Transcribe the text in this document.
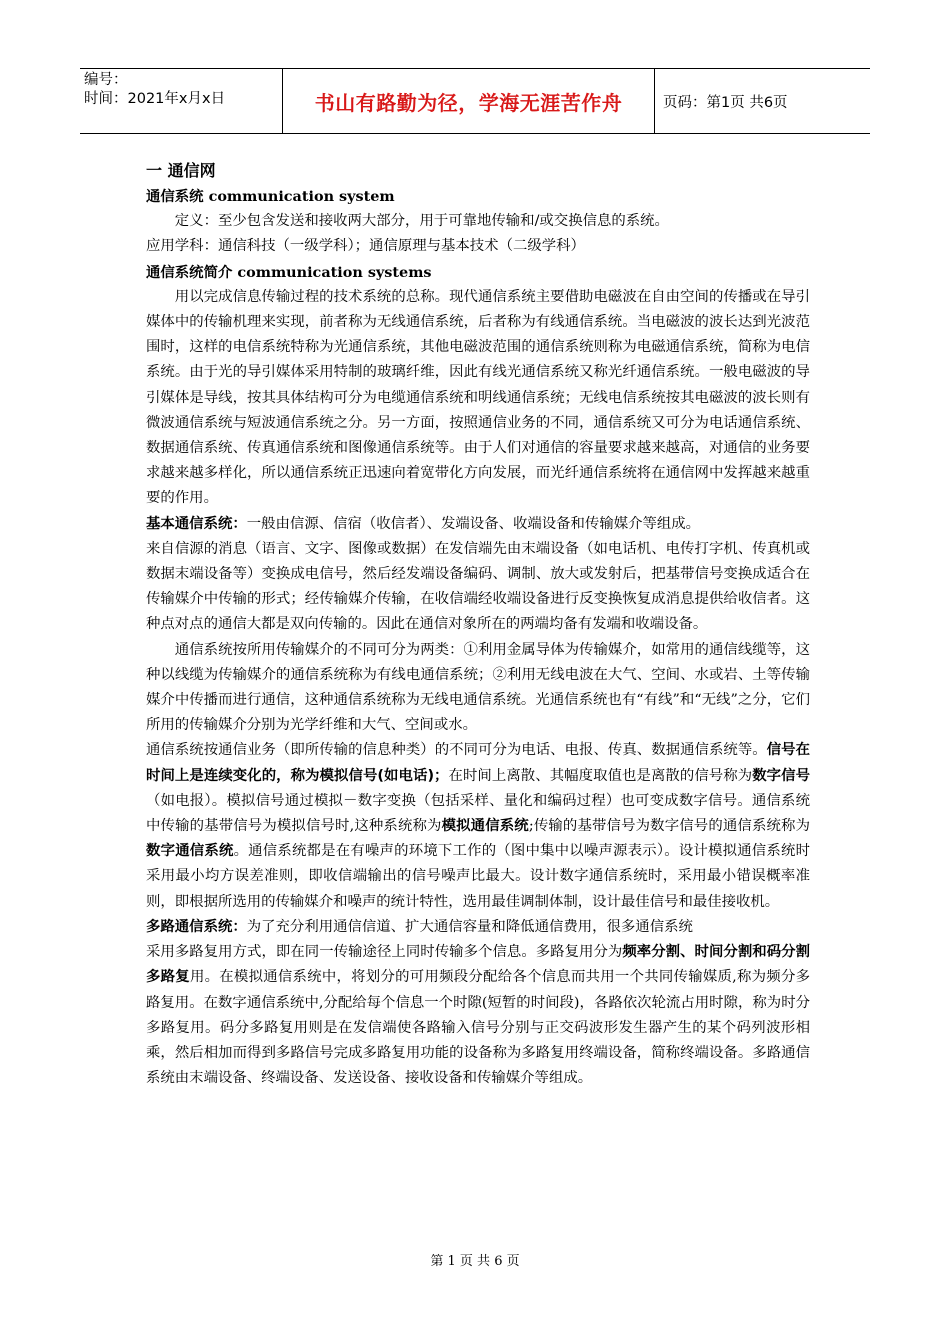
编号：
时间：2021年x月x日	书山有路勤为径，学海无涯苦作舟	页码：第1页 共6页

一 通信网

通信系统 communication system

定义：至少包含发送和接收两大部分，用于可靠地传输和/或交换信息的系统。

应用学科：通信科技（一级学科）；通信原理与基本技术（二级学科）

通信系统简介 communication systems

用以完成信息传输过程的技术系统的总称。现代通信系统主要借助电磁波在自由空间的传播或在导引媒体中的传输机理来实现，前者称为无线通信系统，后者称为有线通信系统。当电磁波的波长达到光波范围时，这样的电信系统特称为光通信系统，其他电磁波范围的通信系统则称为电磁通信系统，简称为电信系统。由于光的导引媒体采用特制的玻璃纤维，因此有线光通信系统又称光纤通信系统。一般电磁波的导引媒体是导线，按其具体结构可分为电缆通信系统和明线通信系统；无线电信系统按其电磁波的波长则有微波通信系统与短波通信系统之分。另一方面，按照通信业务的不同，通信系统又可分为电话通信系统、数据通信系统、传真通信系统和图像通信系统等。由于人们对通信的容量要求越来越高，对通信的业务要求越来越多样化，所以通信系统正迅速向着宽带化方向发展，而光纤通信系统将在通信网中发挥越来越重要的作用。

基本通信系统：一般由信源、信宿（收信者）、发端设备、收端设备和传输媒介等组成。

来自信源的消息（语言、文字、图像或数据）在发信端先由末端设备（如电话机、电传打字机、传真机或数据末端设备等）变换成电信号，然后经发端设备编码、调制、放大或发射后，把基带信号变换成适合在传输媒介中传输的形式；经传输媒介传输，在收信端经收端设备进行反变换恢复成消息提供给收信者。这种点对点的通信大都是双向传输的。因此在通信对象所在的两端均备有发端和收端设备。

通信系统按所用传输媒介的不同可分为两类：①利用金属导体为传输媒介，如常用的通信线缆等，这种以线缆为传输媒介的通信系统称为有线电通信系统；②利用无线电波在大气、空间、水或岩、土等传输媒介中传播而进行通信，这种通信系统称为无线电通信系统。光通信系统也有“有线”和“无线”之分，它们所用的传输媒介分别为光学纤维和大气、空间或水。

通信系统按通信业务（即所传输的信息种类）的不同可分为电话、电报、传真、数据通信系统等。信号在时间上是连续变化的，称为模拟信号(如电话)；在时间上离散、其幅度取值也是离散的信号称为数字信号（如电报）。模拟信号通过模拟－数字变换（包括采样、量化和编码过程）也可变成数字信号。通信系统中传输的基带信号为模拟信号时,这种系统称为模拟通信系统;传输的基带信号为数字信号的通信系统称为数字通信系统。通信系统都是在有噪声的环境下工作的（图中集中以噪声源表示）。设计模拟通信系统时采用最小均方误差准则，即收信端输出的信号噪声比最大。设计数字通信系统时，采用最小错误概率准则，即根据所选用的传输媒介和噪声的统计特性，选用最佳调制体制，设计最佳信号和最佳接收机。

多路通信系统：为了充分利用通信信道、扩大通信容量和降低通信费用，很多通信系统

采用多路复用方式，即在同一传输途径上同时传输多个信息。多路复用分为频率分割、时间分割和码分割多路复用。在模拟通信系统中，将划分的可用频段分配给各个信息而共用一个共同传输媒质,称为频分多路复用。在数字通信系统中,分配给每个信息一个时隙(短暂的时间段)，各路依次轮流占用时隙，称为时分多路复用。码分多路复用则是在发信端使各路输入信号分别与正交码波形发生器产生的某个码列波形相乘，然后相加而得到多路信号完成多路复用功能的设备称为多路复用终端设备，简称终端设备。多路通信系统由末端设备、终端设备、发送设备、接收设备和传输媒介等组成。

第 1 页 共 6 页
